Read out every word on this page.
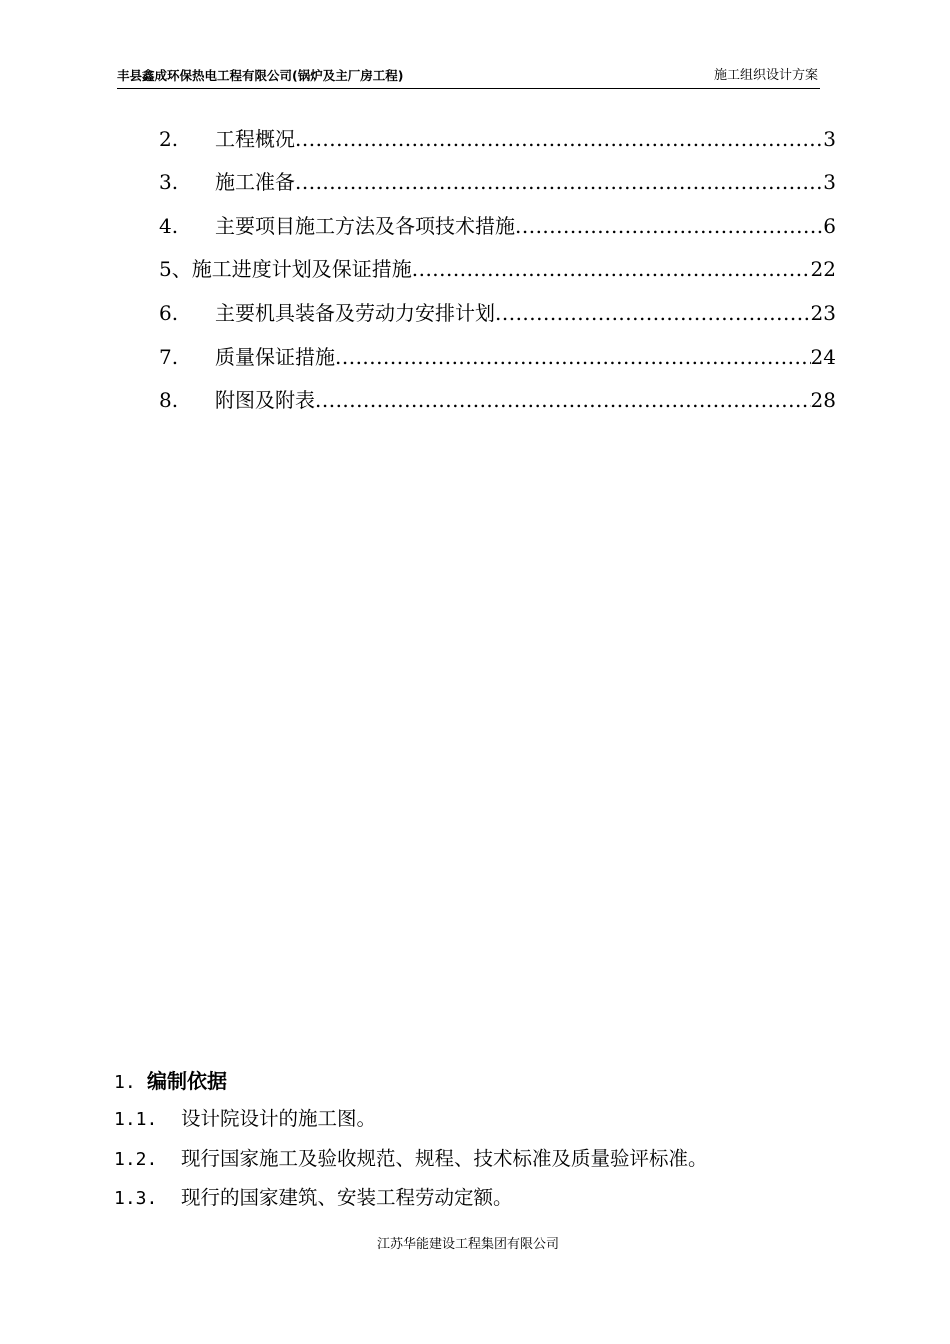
丰县鑫成环保热电工程有限公司(锅炉及主厂房工程)	施工组织设计方案
2.	工程概况 .....	3
3.	施工准备 .....	3
4.	主要项目施工方法及各项技术措施 .....	6
5、 施工进度计划及保证措施 .....	22
6.	主要机具装备及劳动力安排计划 .....	23
7.	质量保证措施 .....	24
8.	附图及附表 .....	28
1. 编制依据
1.1. 设计院设计的施工图。
1.2. 现行国家施工及验收规范、规程、技术标准及质量验评标准。
1.3. 现行的国家建筑、安装工程劳动定额。
江苏华能建设工程集团有限公司
